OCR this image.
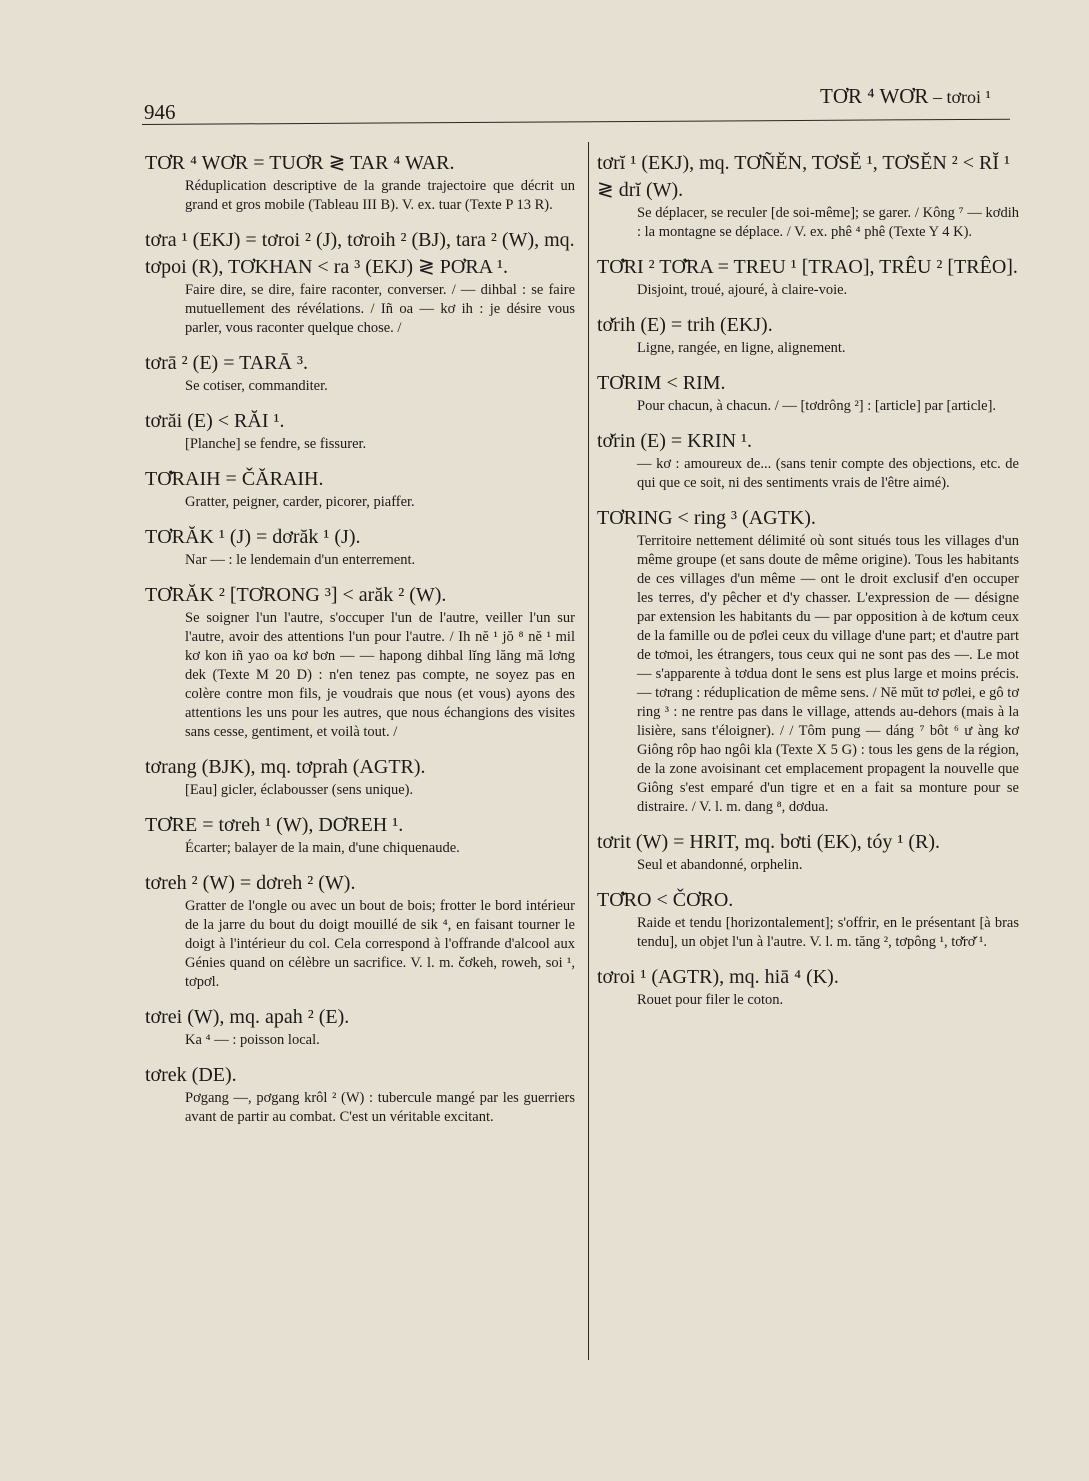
946
TƠR ⁴ WƠR – tơroi ¹
TƠR ⁴ WƠR = TUƠR ≷ TAR ⁴ WAR.
Réduplication descriptive de la grande trajectoire que décrit un grand et gros mobile (Tableau III B). V. ex. tuar (Texte P 13 R).
tơra ¹ (EKJ) = tơroi ² (J), tơroih ² (BJ), tara ² (W), mq. tơpoi (R), TƠKHAN < ra ³ (EKJ) ≷ PƠRA ¹.
Faire dire, se dire, faire raconter, converser. / — dihbal : se faire mutuellement des révélations. / Iñ oa — kơ ih : je désire vous parler, vous raconter quelque chose. /
tơrā ² (E) = TARĀ ³.
Se cotiser, commanditer.
tơrăi (E) < RĂI ¹.
[Planche] se fendre, se fissurer.
TƠ̆RAIH = ČĂRAIH.
Gratter, peigner, carder, picorer, piaffer.
TƠRĂK ¹ (J) = dơrăk ¹ (J).
Nar — : le lendemain d'un enterrement.
TƠRĂK ² [TƠRONG ³] < arăk ² (W).
Se soigner l'un l'autre, s'occuper l'un de l'autre, veiller l'un sur l'autre, avoir des attentions l'un pour l'autre. / Ih nĕ ¹ jŏ ⁸ nĕ ¹ mil kơ kon iñ yao oa kơ bơn — — hapong dihbal lĭng lăng mă lơng dek (Texte M 20 D) : n'en tenez pas compte, ne soyez pas en colère contre mon fils, je voudrais que nous (et vous) ayons des attentions les uns pour les autres, que nous échangions des visites sans cesse, gentiment, et voilà tout. /
tơrang (BJK), mq. tơprah (AGTR).
[Eau] gicler, éclabousser (sens unique).
TƠRE = tơreh ¹ (W), DƠREH ¹.
Écarter; balayer de la main, d'une chiquenaude.
tơreh ² (W) = dơreh ² (W).
Gratter de l'ongle ou avec un bout de bois; frotter le bord intérieur de la jarre du bout du doigt mouillé de sik ⁴, en faisant tourner le doigt à l'intérieur du col. Cela correspond à l'offrande d'alcool aux Génies quand on célèbre un sacrifice. V. l. m. čơkeh, roweh, soi ¹, tơpơl.
tơrei (W), mq. apah ² (E).
Ka ⁴ — : poisson local.
tơrek (DE).
Pơgang —, pơgang krôl ² (W) : tubercule mangé par les guerriers avant de partir au combat. C'est un véritable excitant.
tơrĭ ¹ (EKJ), mq. TƠÑĔN, TƠSĔ ¹, TƠSĔN ² < RĬ ¹ ≷ drĭ (W).
Se déplacer, se reculer [de soi-même]; se garer. / Kông ⁷ — kơdih : la montagne se déplace. / V. ex. phê ⁴ phê (Texte Y 4 K).
TƠ̆RI ² TƠ̆RA = TREU ¹ [TRAO], TRÊU ² [TRÊO].
Disjoint, troué, ajouré, à claire-voie.
tơ̆rih (E) = trih (EKJ).
Ligne, rangée, en ligne, alignement.
TƠRIM < RIM.
Pour chacun, à chacun. / — [tơdrông ²] : [article] par [article].
tơ̆rin (E) = KRIN ¹.
— kơ : amoureux de... (sans tenir compte des objections, etc. de qui que ce soit, ni des sentiments vrais de l'être aimé).
TƠRING < ring ³ (AGTK).
Territoire nettement délimité où sont situés tous les villages d'un même groupe (et sans doute de même origine). Tous les habitants de ces villages d'un même — ont le droit exclusif d'en occuper les terres, d'y pêcher et d'y chasser. L'expression de — désigne par extension les habitants du — par opposition à de kơtum ceux de la famille ou de pơlei ceux du village d'une part; et d'autre part de tơmoi, les étrangers, tous ceux qui ne sont pas des —. Le mot — s'apparente à tơdua dont le sens est plus large et moins précis. — tơrang : réduplication de même sens. / Nĕ mŭt tơ pơlei, e gô tơ ring ³ : ne rentre pas dans le village, attends au-dehors (mais à la lisière, sans t'éloigner). / / Tôm pung — dáng ⁷ bôt ⁶ ư àng kơ Giông rôp hao ngôi kla (Texte X 5 G) : tous les gens de la région, de la zone avoisinant cet emplacement propagent la nouvelle que Giông s'est emparé d'un tigre et en a fait sa monture pour se distraire. / V. l. m. dang ⁸, dơdua.
tơrit (W) = HRIT, mq. bơti (EK), tóy ¹ (R).
Seul et abandonné, orphelin.
TƠ̆RO < ČƠRO.
Raide et tendu [horizontalement]; s'offrir, en le présentant [à bras tendu], un objet l'un à l'autre. V. l. m. tăng ², tơpông ¹, tơ̆rơ̆ ¹.
tơroi ¹ (AGTR), mq. hiā ⁴ (K).
Rouet pour filer le coton.
